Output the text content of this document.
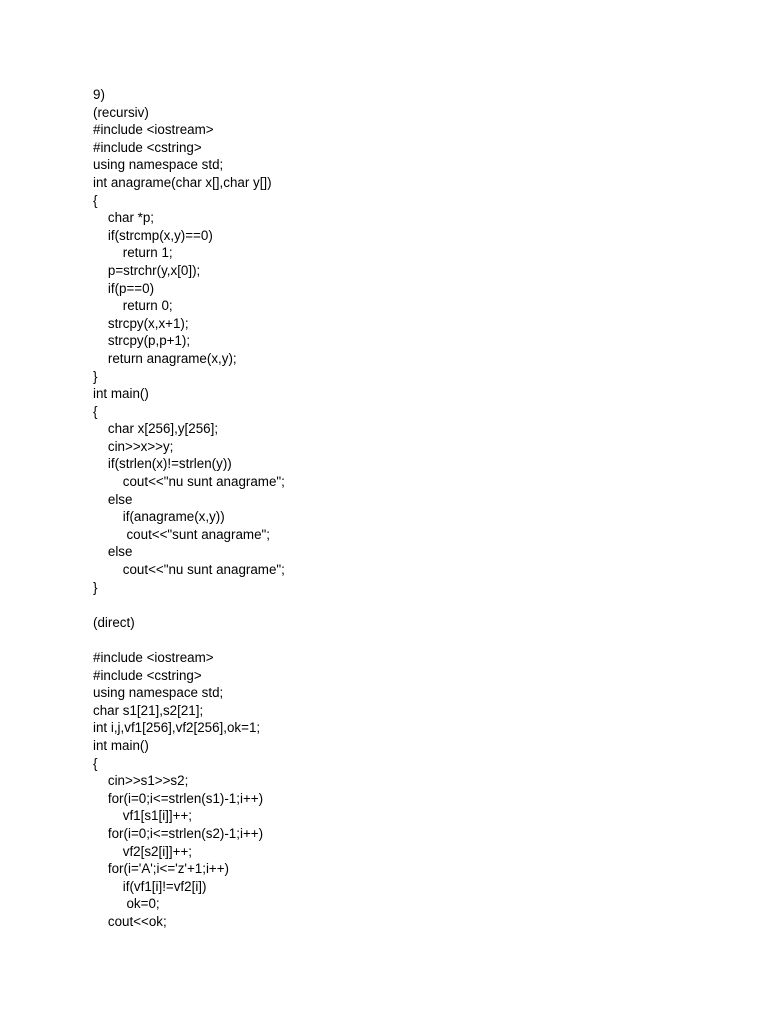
9)
(recursiv)
#include <iostream>
#include <cstring>
using namespace std;
int anagrame(char x[],char y[])
{
char *p;
if(strcmp(x,y)==0)
return 1;
p=strchr(y,x[0]);
if(p==0)
return 0;
strcpy(x,x+1);
strcpy(p,p+1);
return anagrame(x,y);
}
int main()
{
char x[256],y[256];
cin>>x>>y;
if(strlen(x)!=strlen(y))
cout<<"nu sunt anagrame";
else
if(anagrame(x,y))
cout<<"sunt anagrame";
else
cout<<"nu sunt anagrame";
}
(direct)
#include <iostream>
#include <cstring>
using namespace std;
char s1[21],s2[21];
int i,j,vf1[256],vf2[256],ok=1;
int main()
{
cin>>s1>>s2;
for(i=0;i<=strlen(s1)-1;i++)
vf1[s1[i]]++;
for(i=0;i<=strlen(s2)-1;i++)
vf2[s2[i]]++;
for(i='A';i<='z'+1;i++)
if(vf1[i]!=vf2[i])
ok=0;
cout<<ok;
